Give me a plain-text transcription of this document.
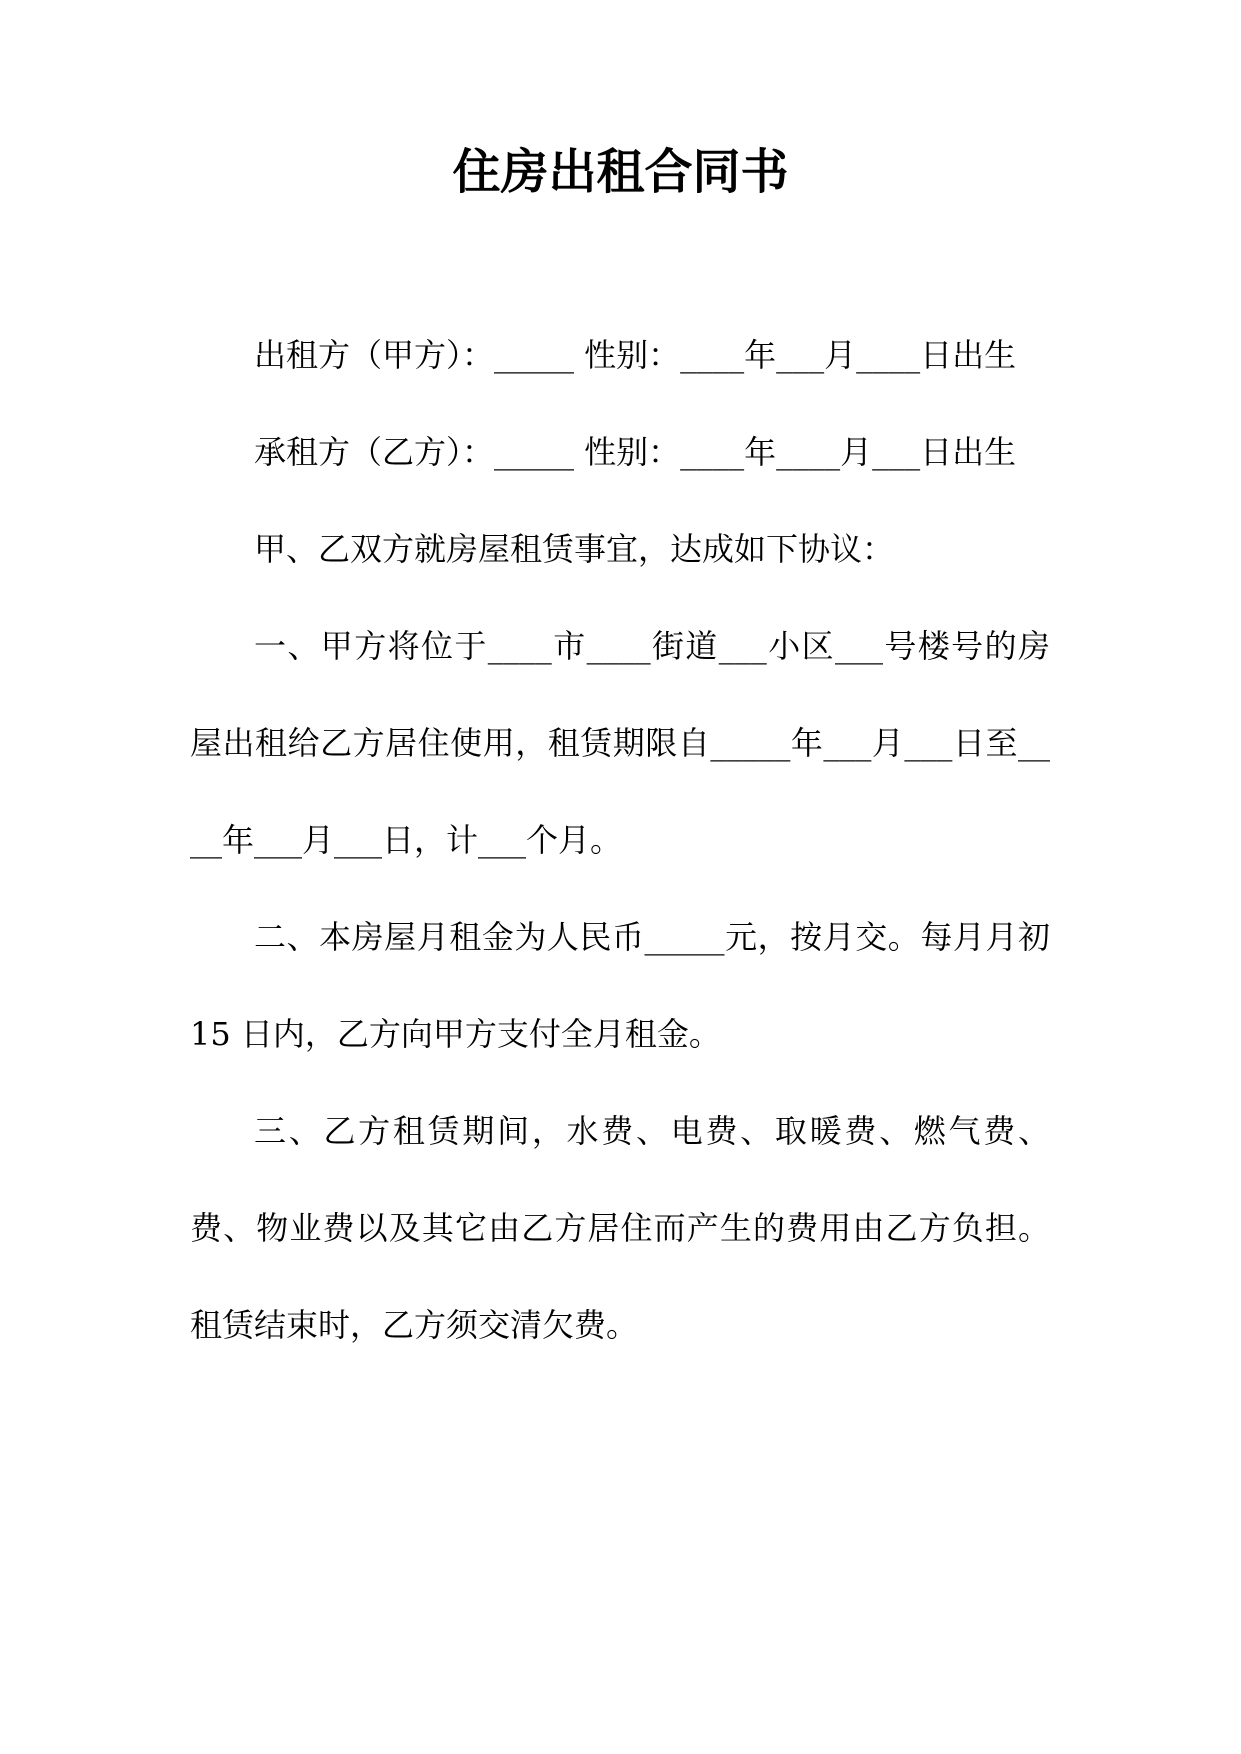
住房出租合同书

出租方（甲方）：_____ 性别：____年___月____日出生

承租方（乙方）：_____ 性别：____年____月___日出生

甲、乙双方就房屋租赁事宜，达成如下协议：

一、甲方将位于____市____街道___小区___号楼号的房屋出租给乙方居住使用，租赁期限自_____年___月___日至____年___月___日，计___个月。

二、本房屋月租金为人民币_____元，按月交。每月月初 15 日内，乙方向甲方支付全月租金。

三、乙方租赁期间，水费、电费、取暖费、燃气费、费、物业费以及其它由乙方居住而产生的费用由乙方负担。租赁结束时，乙方须交清欠费。
